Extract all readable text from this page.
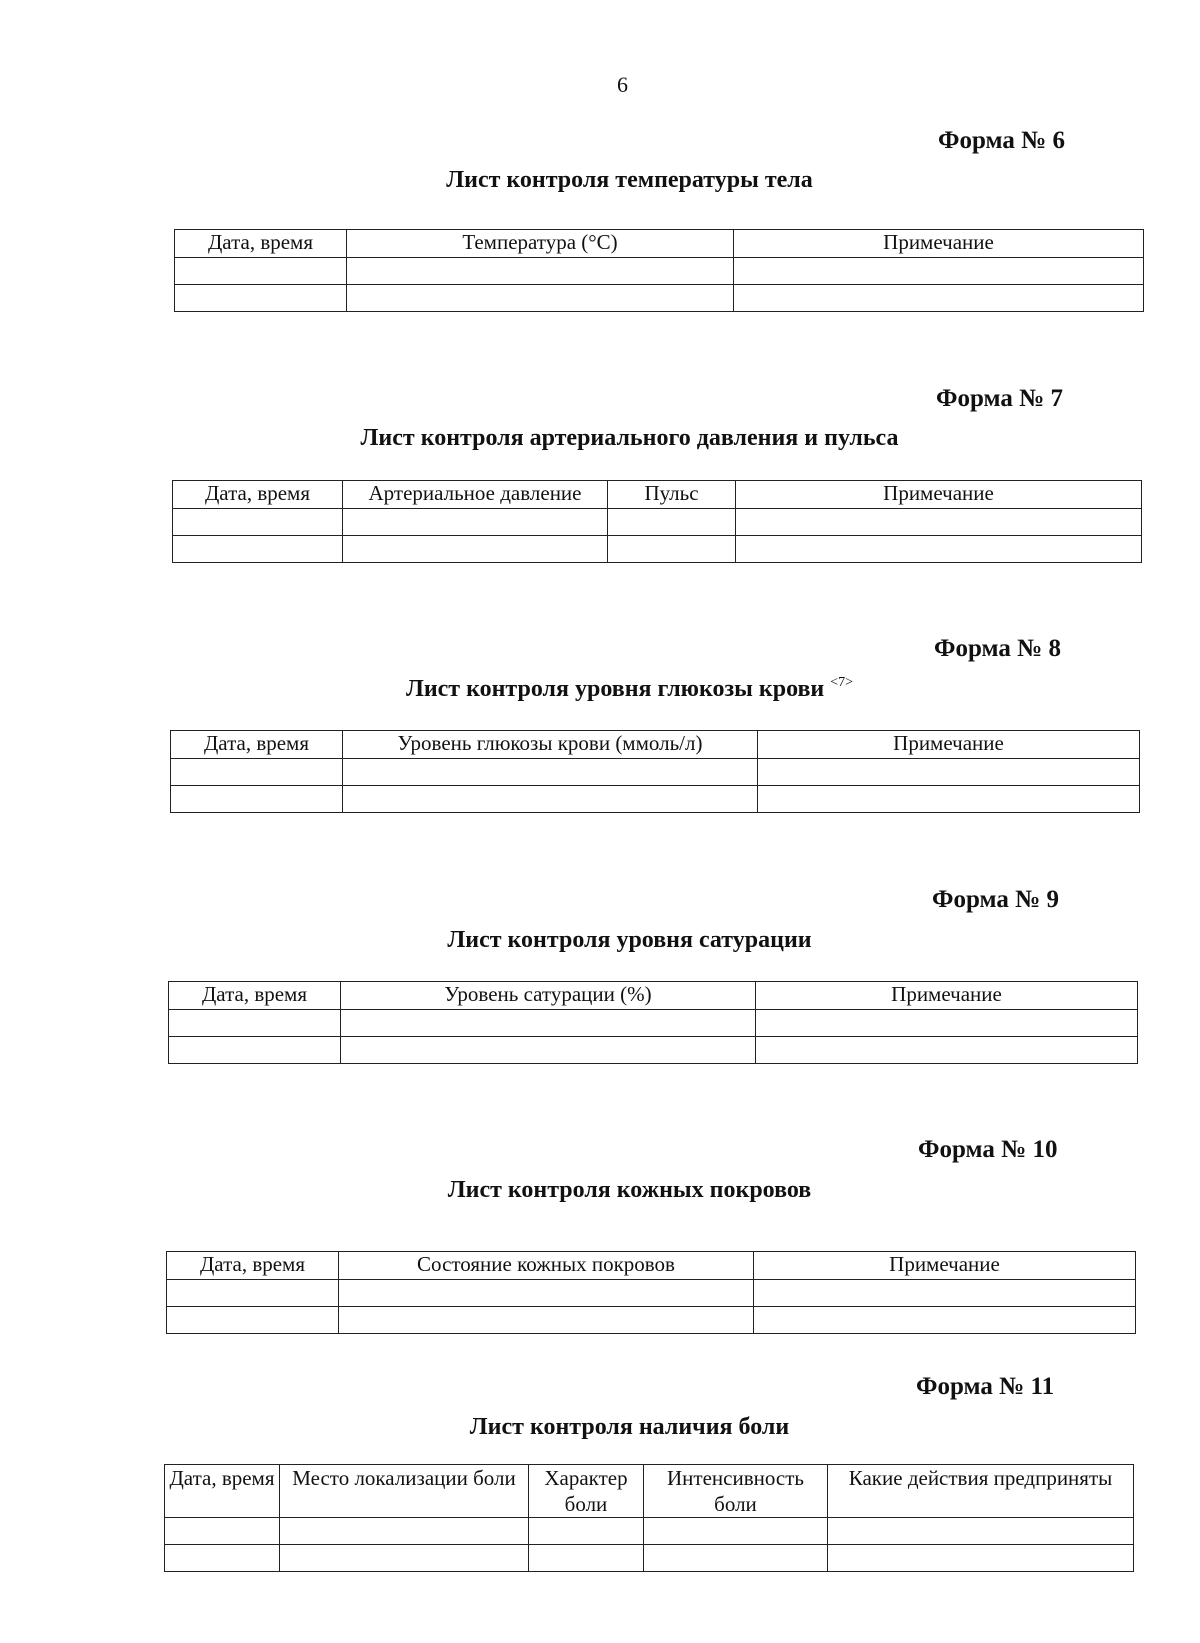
6
Форма № 6
Лист контроля температуры тела
Дата, время	Температура (°С)	Примечание

Форма № 7
Лист контроля артериального давления и пульса
Дата, время	Артериальное давление	Пульс	Примечание

Форма № 8
Лист контроля уровня глюкозы крови $^{<7>}$
Дата, время	Уровень глюкозы крови (ммоль/л)	Примечание

Форма № 9
Лист контроля уровня сатурации
Дата, время	Уровень сатурации (%)	Примечание

Форма № 10
Лист контроля кожных покровов
Дата, время	Состояние кожных покровов	Примечание

Форма № 11
Лист контроля наличия боли
Дата, время	Место локализации боли	Характер боли	Интенсивность боли	Какие действия предприняты
